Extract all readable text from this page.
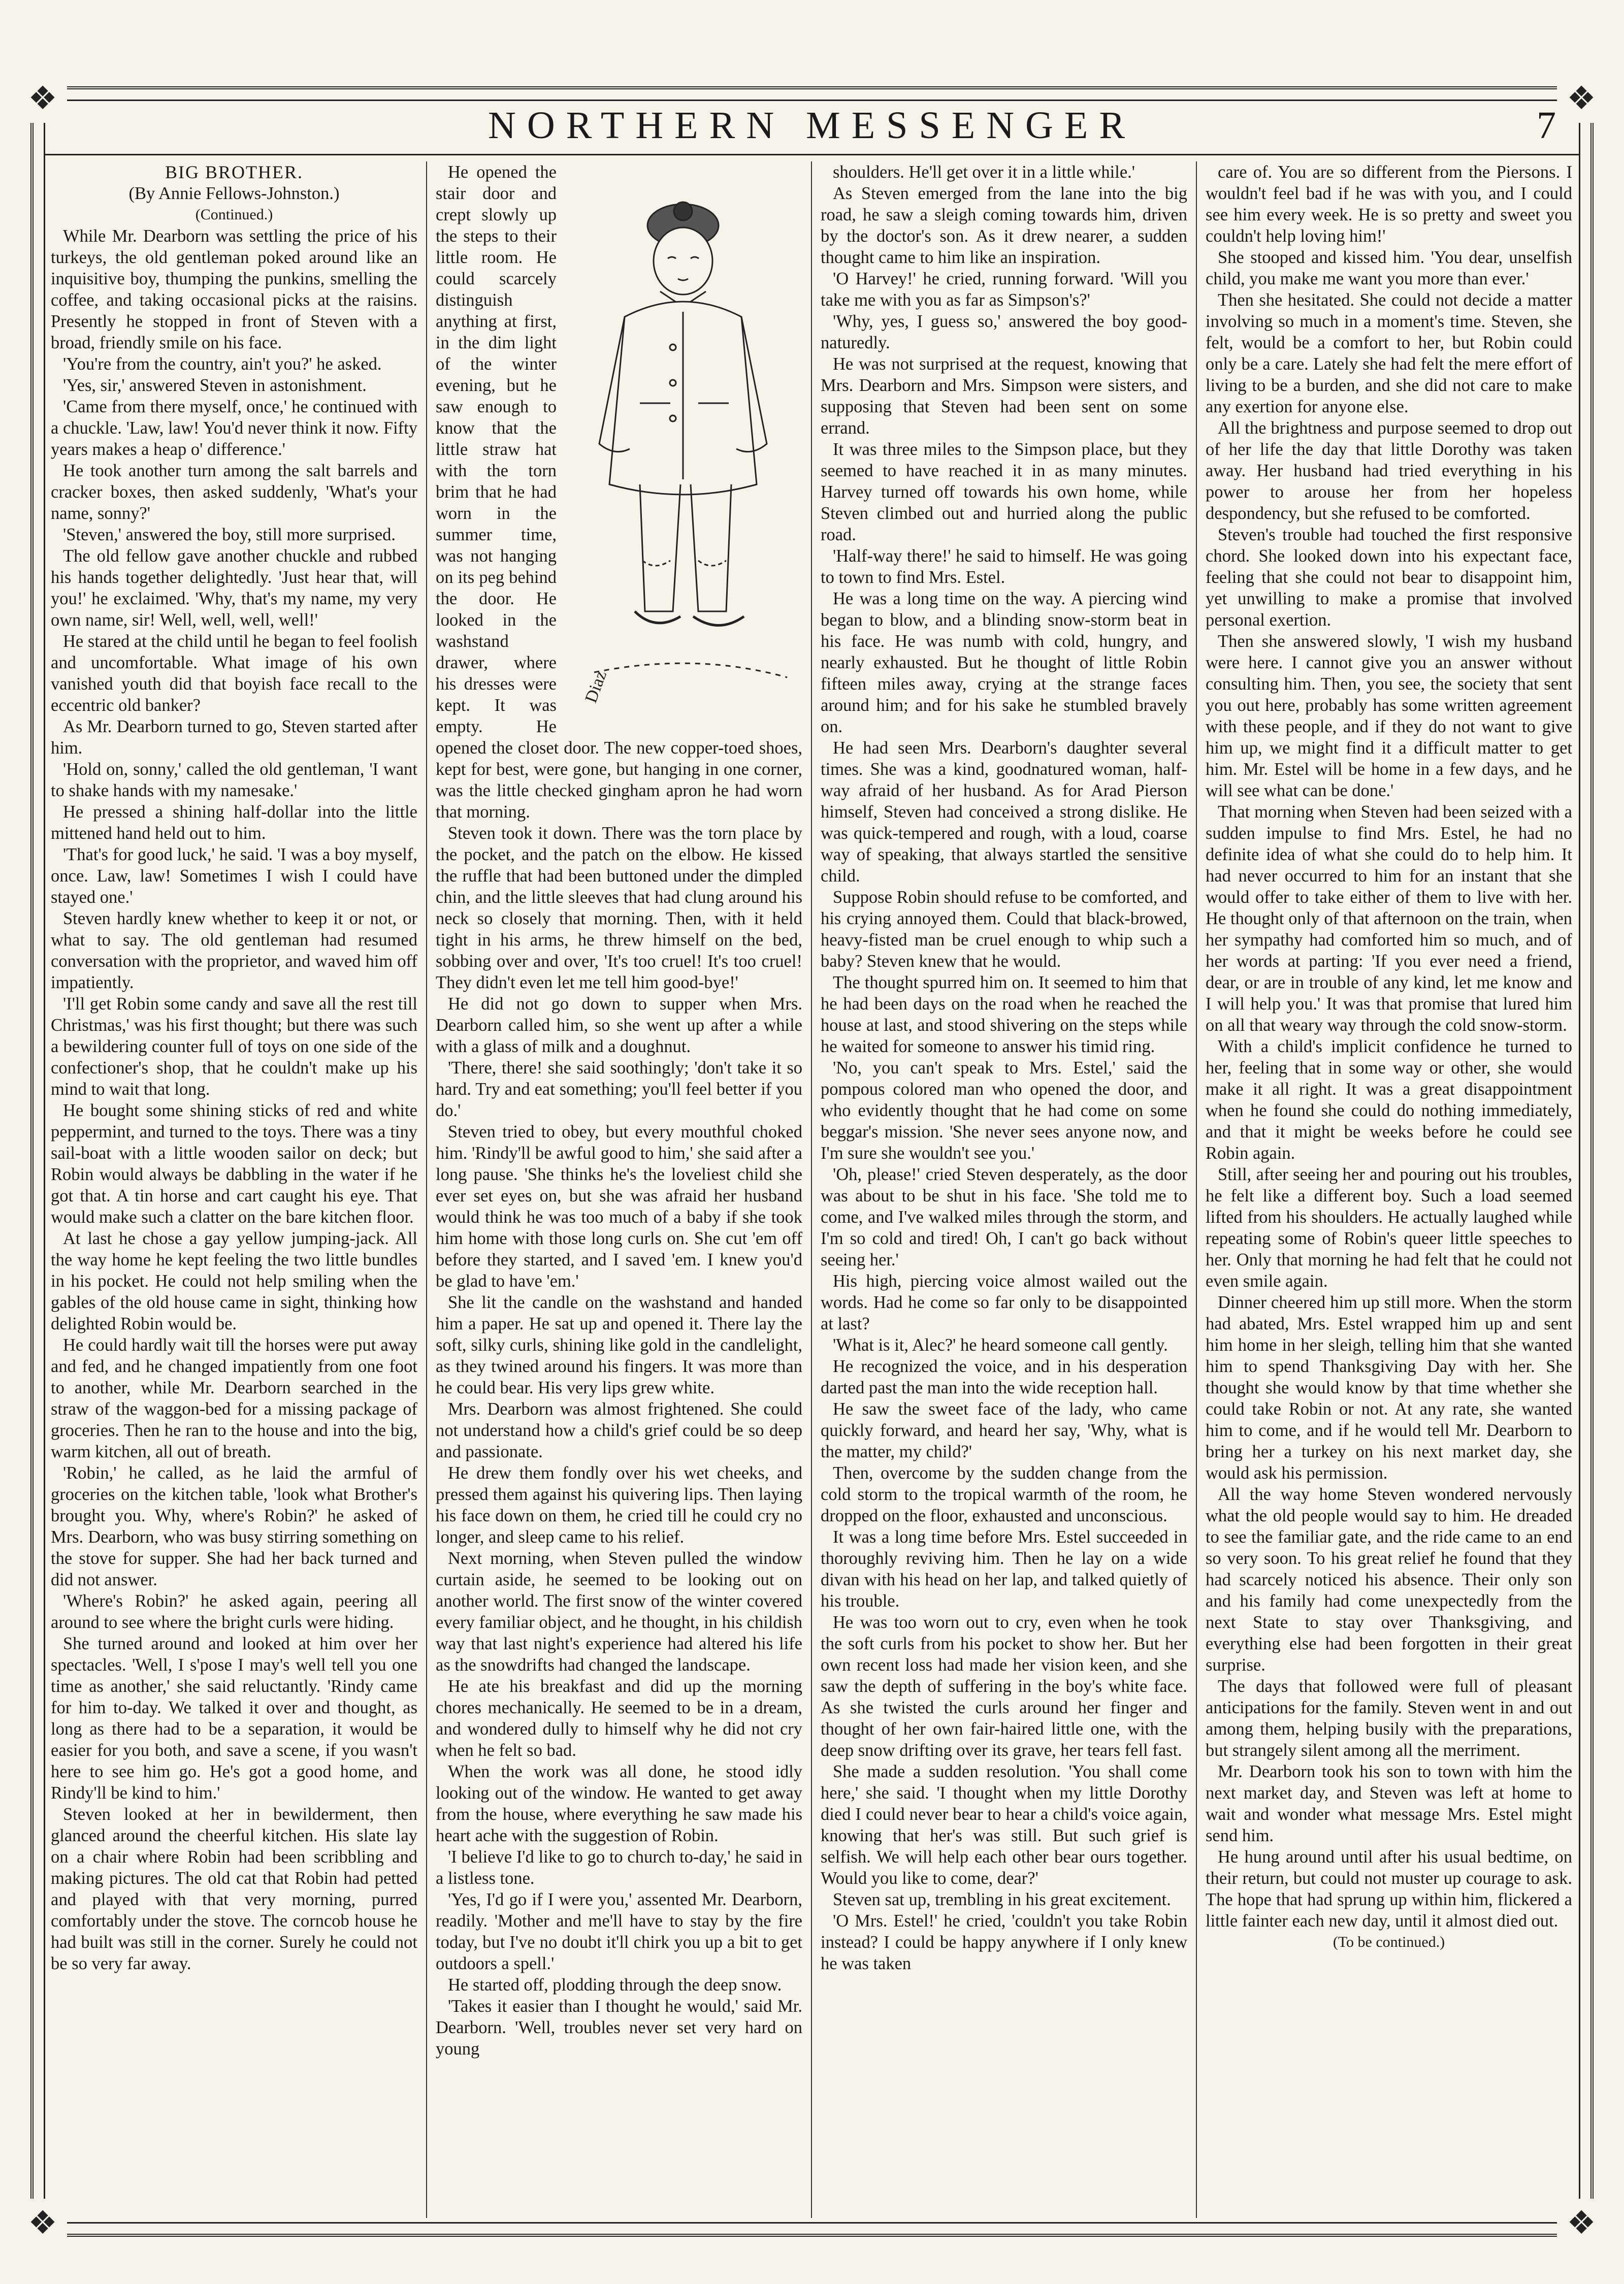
❖	❖
❖	❖
NORTHERN MESSENGER	7

BIG BROTHER.

(By Annie Fellows-Johnston.)

(Continued.)

While Mr. Dearborn was settling the price of his turkeys, the old gentleman poked around like an inquisitive boy, thumping the punkins, smelling the coffee, and taking occasional picks at the raisins. Presently he stopped in front of Steven with a broad, friendly smile on his face.

'You're from the country, ain't you?' he asked.

'Yes, sir,' answered Steven in astonishment.

'Came from there myself, once,' he continued with a chuckle. 'Law, law! You'd never think it now. Fifty years makes a heap o' difference.'

He took another turn among the salt barrels and cracker boxes, then asked suddenly, 'What's your name, sonny?'

'Steven,' answered the boy, still more surprised.

The old fellow gave another chuckle and rubbed his hands together delightedly. 'Just hear that, will you!' he exclaimed. 'Why, that's my name, my very own name, sir! Well, well, well, well!'

He stared at the child until he began to feel foolish and uncomfortable. What image of his own vanished youth did that boyish face recall to the eccentric old banker?

As Mr. Dearborn turned to go, Steven started after him.

'Hold on, sonny,' called the old gentleman, 'I want to shake hands with my namesake.'

He pressed a shining half-dollar into the little mittened hand held out to him.

'That's for good luck,' he said. 'I was a boy myself, once. Law, law! Sometimes I wish I could have stayed one.'

Steven hardly knew whether to keep it or not, or what to say. The old gentleman had resumed conversation with the proprietor, and waved him off impatiently.

'I'll get Robin some candy and save all the rest till Christmas,' was his first thought; but there was such a bewildering counter full of toys on one side of the confectioner's shop, that he couldn't make up his mind to wait that long.

He bought some shining sticks of red and white peppermint, and turned to the toys. There was a tiny sail-boat with a little wooden sailor on deck; but Robin would always be dabbling in the water if he got that. A tin horse and cart caught his eye. That would make such a clatter on the bare kitchen floor.

At last he chose a gay yellow jumping-jack. All the way home he kept feeling the two little bundles in his pocket. He could not help smiling when the gables of the old house came in sight, thinking how delighted Robin would be.

He could hardly wait till the horses were put away and fed, and he changed impatiently from one foot to another, while Mr. Dearborn searched in the straw of the waggon-bed for a missing package of groceries. Then he ran to the house and into the big, warm kitchen, all out of breath.

'Robin,' he called, as he laid the armful of groceries on the kitchen table, 'look what Brother's brought you. Why, where's Robin?' he asked of Mrs. Dearborn, who was busy stirring something on the stove for supper. She had her back turned and did not answer.

'Where's Robin?' he asked again, peering all around to see where the bright curls were hiding.

She turned around and looked at him over her spectacles. 'Well, I s'pose I may's well tell you one time as another,' she said reluctantly. 'Rindy came for him to-day. We talked it over and thought, as long as there had to be a separation, it would be easier for you both, and save a scene, if you wasn't here to see him go. He's got a good home, and Rindy'll be kind to him.'

Steven looked at her in bewilderment, then glanced around the cheerful kitchen. His slate lay on a chair where Robin had been scribbling and making pictures. The old cat that Robin had petted and played with that very morning, purred comfortably under the stove. The corncob house he had built was still in the corner. Surely he could not be so very far away.

Diaz

He opened the stair door and crept slowly up the steps to their little room. He could scarcely distinguish anything at first, in the dim light of the winter evening, but he saw enough to know that the little straw hat with the torn brim that he had worn in the summer time, was not hanging on its peg behind the door. He looked in the washstand drawer, where his dresses were kept. It was empty. He opened the closet door. The new copper-toed shoes, kept for best, were gone, but hanging in one corner, was the little checked gingham apron he had worn that morning.

Steven took it down. There was the torn place by the pocket, and the patch on the elbow. He kissed the ruffle that had been buttoned under the dimpled chin, and the little sleeves that had clung around his neck so closely that morning. Then, with it held tight in his arms, he threw himself on the bed, sobbing over and over, 'It's too cruel! It's too cruel! They didn't even let me tell him good-bye!'

He did not go down to supper when Mrs. Dearborn called him, so she went up after a while with a glass of milk and a doughnut.

'There, there! she said soothingly; 'don't take it so hard. Try and eat something; you'll feel better if you do.'

Steven tried to obey, but every mouthful choked him. 'Rindy'll be awful good to him,' she said after a long pause. 'She thinks he's the loveliest child she ever set eyes on, but she was afraid her husband would think he was too much of a baby if she took him home with those long curls on. She cut 'em off before they started, and I saved 'em. I knew you'd be glad to have 'em.'

She lit the candle on the washstand and handed him a paper. He sat up and opened it. There lay the soft, silky curls, shining like gold in the candlelight, as they twined around his fingers. It was more than he could bear. His very lips grew white.

Mrs. Dearborn was almost frightened. She could not understand how a child's grief could be so deep and passionate.

He drew them fondly over his wet cheeks, and pressed them against his quivering lips. Then laying his face down on them, he cried till he could cry no longer, and sleep came to his relief.

Next morning, when Steven pulled the window curtain aside, he seemed to be looking out on another world. The first snow of the winter covered every familiar object, and he thought, in his childish way that last night's experience had altered his life as the snowdrifts had changed the landscape.

He ate his breakfast and did up the morning chores mechanically. He seemed to be in a dream, and wondered dully to himself why he did not cry when he felt so bad.

When the work was all done, he stood idly looking out of the window. He wanted to get away from the house, where everything he saw made his heart ache with the suggestion of Robin.

'I believe I'd like to go to church to-day,' he said in a listless tone.

'Yes, I'd go if I were you,' assented Mr. Dearborn, readily. 'Mother and me'll have to stay by the fire today, but I've no doubt it'll chirk you up a bit to get outdoors a spell.'

He started off, plodding through the deep snow.

'Takes it easier than I thought he would,' said Mr. Dearborn. 'Well, troubles never set very hard on young

shoulders. He'll get over it in a little while.'

As Steven emerged from the lane into the big road, he saw a sleigh coming towards him, driven by the doctor's son. As it drew nearer, a sudden thought came to him like an inspiration.

'O Harvey!' he cried, running forward. 'Will you take me with you as far as Simpson's?'

'Why, yes, I guess so,' answered the boy good-naturedly.

He was not surprised at the request, knowing that Mrs. Dearborn and Mrs. Simpson were sisters, and supposing that Steven had been sent on some errand.

It was three miles to the Simpson place, but they seemed to have reached it in as many minutes. Harvey turned off towards his own home, while Steven climbed out and hurried along the public road.

'Half-way there!' he said to himself. He was going to town to find Mrs. Estel.

He was a long time on the way. A piercing wind began to blow, and a blinding snow-storm beat in his face. He was numb with cold, hungry, and nearly exhausted. But he thought of little Robin fifteen miles away, crying at the strange faces around him; and for his sake he stumbled bravely on.

He had seen Mrs. Dearborn's daughter several times. She was a kind, goodnatured woman, half-way afraid of her husband. As for Arad Pierson himself, Steven had conceived a strong dislike. He was quick-tempered and rough, with a loud, coarse way of speaking, that always startled the sensitive child.

Suppose Robin should refuse to be comforted, and his crying annoyed them. Could that black-browed, heavy-fisted man be cruel enough to whip such a baby? Steven knew that he would.

The thought spurred him on. It seemed to him that he had been days on the road when he reached the house at last, and stood shivering on the steps while he waited for someone to answer his timid ring.

'No, you can't speak to Mrs. Estel,' said the pompous colored man who opened the door, and who evidently thought that he had come on some beggar's mission. 'She never sees anyone now, and I'm sure she wouldn't see you.'

'Oh, please!' cried Steven desperately, as the door was about to be shut in his face. 'She told me to come, and I've walked miles through the storm, and I'm so cold and tired! Oh, I can't go back without seeing her.'

His high, piercing voice almost wailed out the words. Had he come so far only to be disappointed at last?

'What is it, Alec?' he heard someone call gently.

He recognized the voice, and in his desperation darted past the man into the wide reception hall.

He saw the sweet face of the lady, who came quickly forward, and heard her say, 'Why, what is the matter, my child?'

Then, overcome by the sudden change from the cold storm to the tropical warmth of the room, he dropped on the floor, exhausted and unconscious.

It was a long time before Mrs. Estel succeeded in thoroughly reviving him. Then he lay on a wide divan with his head on her lap, and talked quietly of his trouble.

He was too worn out to cry, even when he took the soft curls from his pocket to show her. But her own recent loss had made her vision keen, and she saw the depth of suffering in the boy's white face. As she twisted the curls around her finger and thought of her own fair-haired little one, with the deep snow drifting over its grave, her tears fell fast.

She made a sudden resolution. 'You shall come here,' she said. 'I thought when my little Dorothy died I could never bear to hear a child's voice again, knowing that her's was still. But such grief is selfish. We will help each other bear ours together. Would you like to come, dear?'

Steven sat up, trembling in his great excitement.

'O Mrs. Estel!' he cried, 'couldn't you take Robin instead? I could be happy anywhere if I only knew he was taken

care of. You are so different from the Piersons. I wouldn't feel bad if he was with you, and I could see him every week. He is so pretty and sweet you couldn't help loving him!'

She stooped and kissed him. 'You dear, unselfish child, you make me want you more than ever.'

Then she hesitated. She could not decide a matter involving so much in a moment's time. Steven, she felt, would be a comfort to her, but Robin could only be a care. Lately she had felt the mere effort of living to be a burden, and she did not care to make any exertion for anyone else.

All the brightness and purpose seemed to drop out of her life the day that little Dorothy was taken away. Her husband had tried everything in his power to arouse her from her hopeless despondency, but she refused to be comforted.

Steven's trouble had touched the first responsive chord. She looked down into his expectant face, feeling that she could not bear to disappoint him, yet unwilling to make a promise that involved personal exertion.

Then she answered slowly, 'I wish my husband were here. I cannot give you an answer without consulting him. Then, you see, the society that sent you out here, probably has some written agreement with these people, and if they do not want to give him up, we might find it a difficult matter to get him. Mr. Estel will be home in a few days, and he will see what can be done.'

That morning when Steven had been seized with a sudden impulse to find Mrs. Estel, he had no definite idea of what she could do to help him. It had never occurred to him for an instant that she would offer to take either of them to live with her. He thought only of that afternoon on the train, when her sympathy had comforted him so much, and of her words at parting: 'If you ever need a friend, dear, or are in trouble of any kind, let me know and I will help you.' It was that promise that lured him on all that weary way through the cold snow-storm.

With a child's implicit confidence he turned to her, feeling that in some way or other, she would make it all right. It was a great disappointment when he found she could do nothing immediately, and that it might be weeks before he could see Robin again.

Still, after seeing her and pouring out his troubles, he felt like a different boy. Such a load seemed lifted from his shoulders. He actually laughed while repeating some of Robin's queer little speeches to her. Only that morning he had felt that he could not even smile again.

Dinner cheered him up still more. When the storm had abated, Mrs. Estel wrapped him up and sent him home in her sleigh, telling him that she wanted him to spend Thanksgiving Day with her. She thought she would know by that time whether she could take Robin or not. At any rate, she wanted him to come, and if he would tell Mr. Dearborn to bring her a turkey on his next market day, she would ask his permission.

All the way home Steven wondered nervously what the old people would say to him. He dreaded to see the familiar gate, and the ride came to an end so very soon. To his great relief he found that they had scarcely noticed his absence. Their only son and his family had come unexpectedly from the next State to stay over Thanksgiving, and everything else had been forgotten in their great surprise.

The days that followed were full of pleasant anticipations for the family. Steven went in and out among them, helping busily with the preparations, but strangely silent among all the merriment.

Mr. Dearborn took his son to town with him the next market day, and Steven was left at home to wait and wonder what message Mrs. Estel might send him.

He hung around until after his usual bedtime, on their return, but could not muster up courage to ask. The hope that had sprung up within him, flickered a little fainter each new day, until it almost died out.

(To be continued.)
